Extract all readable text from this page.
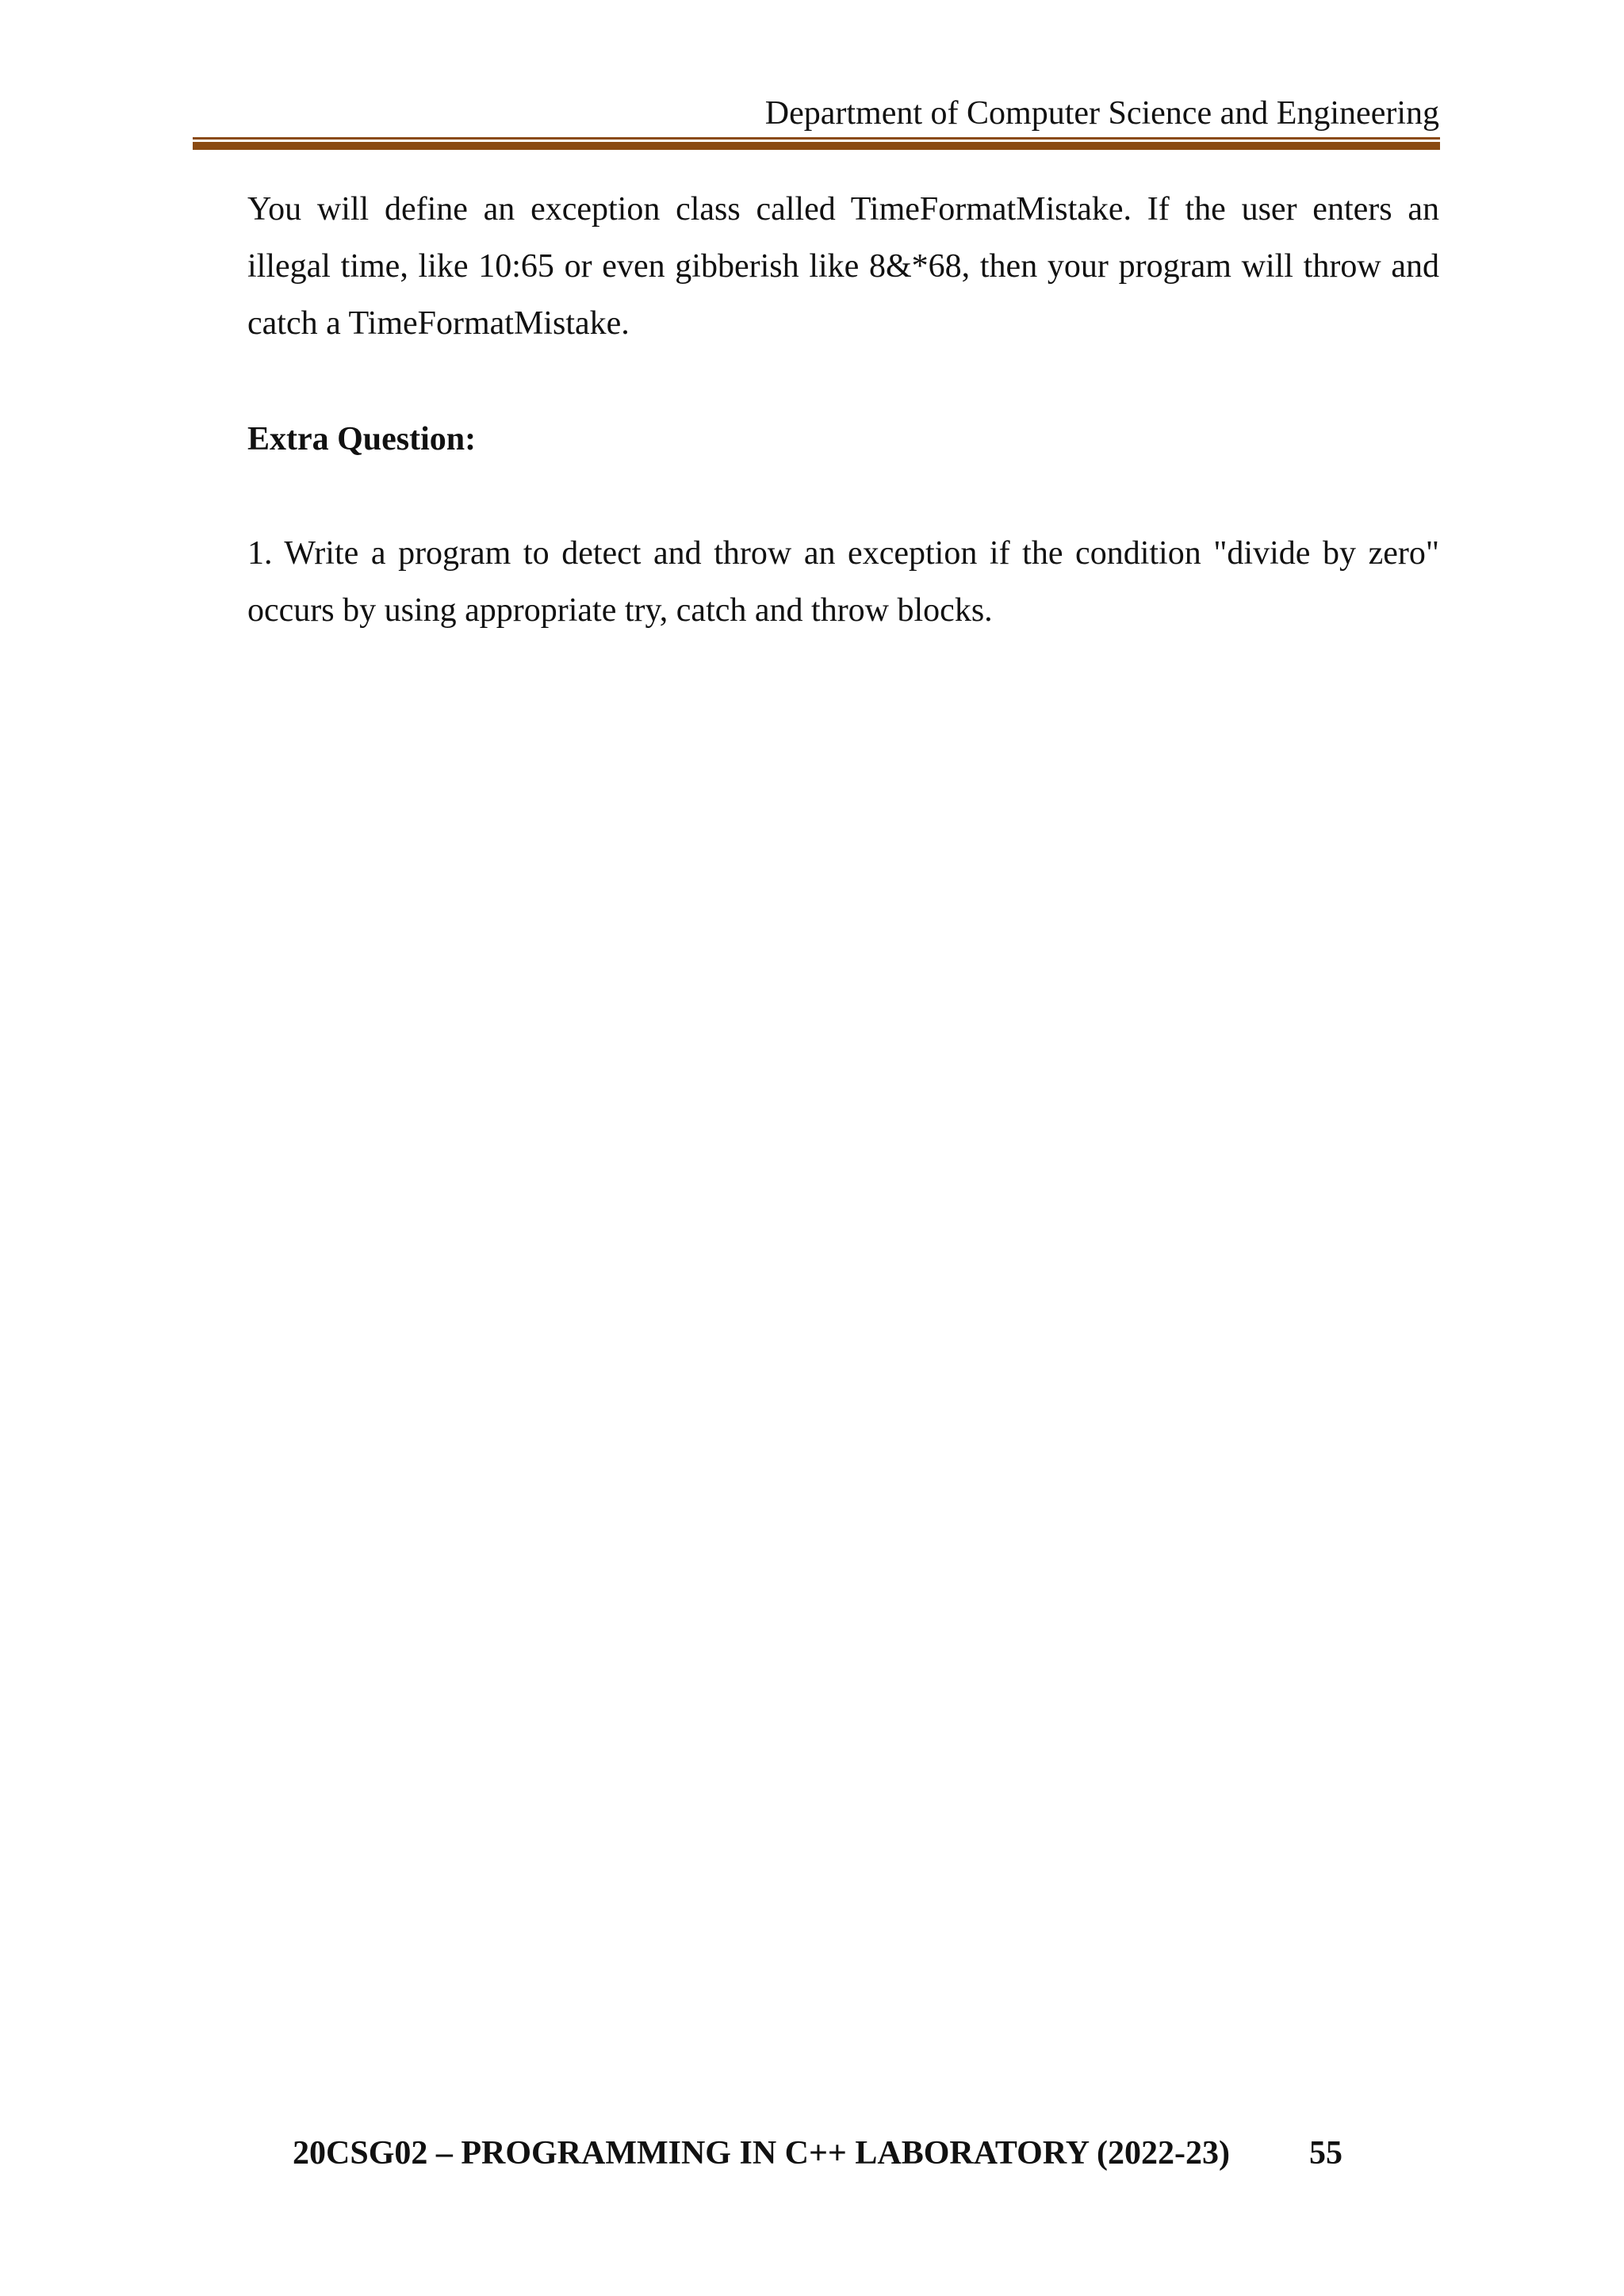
Department of Computer Science and Engineering

You will define an exception class called TimeFormatMistake. If the user enters an illegal time, like 10:65 or even gibberish like 8&*68, then your program will throw and catch a TimeFormatMistake.

Extra Question:

1. Write a program to detect and throw an exception if the condition "divide by zero" occurs by using appropriate try, catch and throw blocks.

20CSG02 – PROGRAMMING IN C++ LABORATORY (2022-23) 55
